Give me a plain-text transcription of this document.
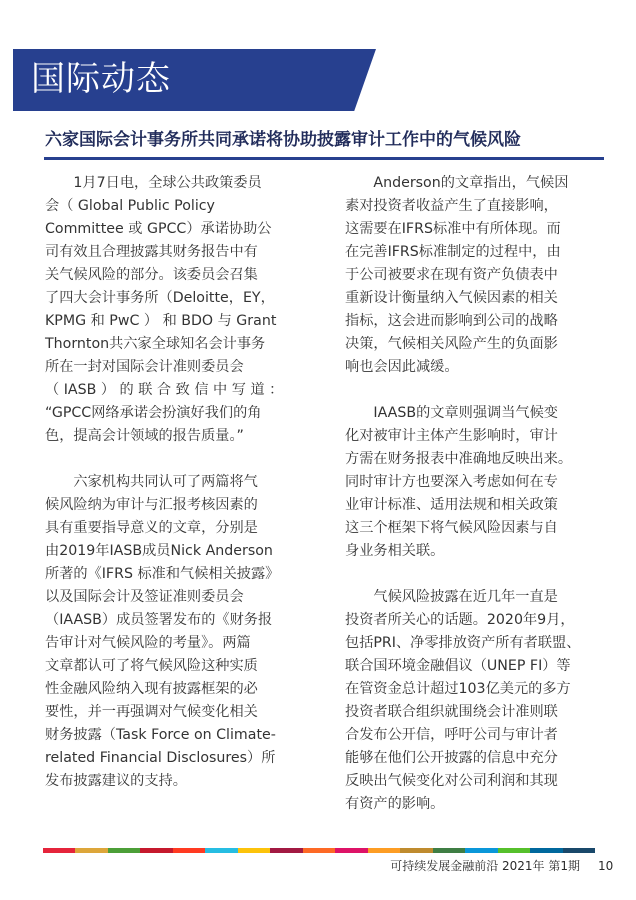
国际动态
六家国际会计事务所共同承诺将协助披露审计工作中的气候风险
1月7日电，全球公共政策委员
会（ Global Public Policy
Committee 或 GPCC）承诺协助公
司有效且合理披露其财务报告中有
关气候风险的部分。该委员会召集
了四大会计事务所（Deloitte，EY，
KPMG 和 PwC ） 和 BDO 与 Grant
Thornton共六家全球知名会计事务
所在一封对国际会计准则委员会
（ IASB ） 的 联 合 致 信 中 写 道 ：
“GPCC网络承诺会扮演好我们的角
色，提高会计领域的报告质量。”
六家机构共同认可了两篇将气
候风险纳为审计与汇报考核因素的
具有重要指导意义的文章，分别是
由2019年IASB成员Nick Anderson
所著的《IFRS 标准和气候相关披露》
以及国际会计及签证准则委员会
（IAASB）成员签署发布的《财务报
告审计对气候风险的考量》。两篇
文章都认可了将气候风险这种实质
性金融风险纳入现有披露框架的必
要性，并一再强调对气候变化相关
财务披露（Task Force on Climate-
related Financial Disclosures）所
发布披露建议的支持。
Anderson的文章指出，气候因
素对投资者收益产生了直接影响，
这需要在IFRS标准中有所体现。而
在完善IFRS标准制定的过程中，由
于公司被要求在现有资产负债表中
重新设计衡量纳入气候因素的相关
指标，这会进而影响到公司的战略
决策，气候相关风险产生的负面影
响也会因此减缓。
IAASB的文章则强调当气候变
化对被审计主体产生影响时，审计
方需在财务报表中准确地反映出来。
同时审计方也要深入考虑如何在专
业审计标准、适用法规和相关政策
这三个框架下将气候风险因素与自
身业务相关联。
气候风险披露在近几年一直是
投资者所关心的话题。2020年9月，
包括PRI、净零排放资产所有者联盟、
联合国环境金融倡议（UNEP FI）等
在管资金总计超过103亿美元的多方
投资者联合组织就围绕会计准则联
合发布公开信，呼吁公司与审计者
能够在他们公开披露的信息中充分
反映出气候变化对公司利润和其现
有资产的影响。
可持续发展金融前沿 2021年 第1期 10
